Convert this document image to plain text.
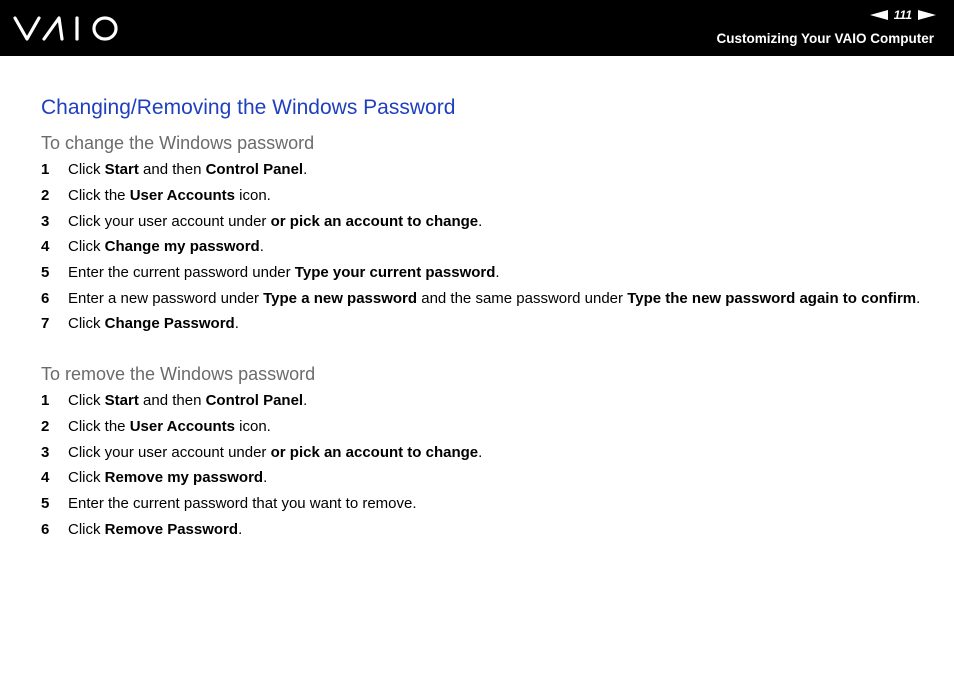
111
Customizing Your VAIO Computer
Changing/Removing the Windows Password
To change the Windows password
1 Click Start and then Control Panel.
2 Click the User Accounts icon.
3 Click your user account under or pick an account to change.
4 Click Change my password.
5 Enter the current password under Type your current password.
6 Enter a new password under Type a new password and the same password under Type the new password again to confirm.
7 Click Change Password.
To remove the Windows password
1 Click Start and then Control Panel.
2 Click the User Accounts icon.
3 Click your user account under or pick an account to change.
4 Click Remove my password.
5 Enter the current password that you want to remove.
6 Click Remove Password.
